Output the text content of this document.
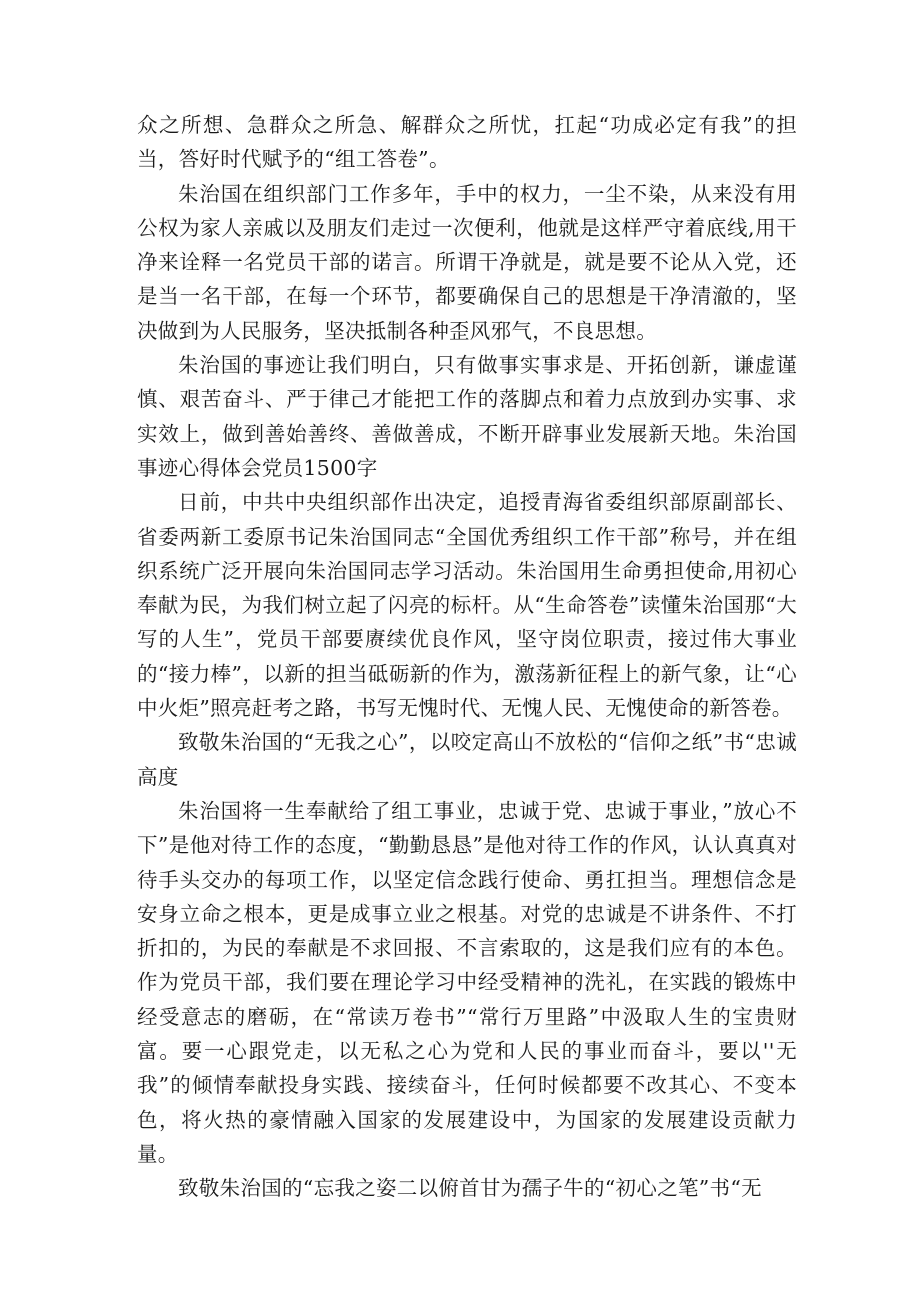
众之所想、急群众之所急、解群众之所忧，扛起“功成必定有我”的担当，答好时代赋予的“组工答卷”。

朱治国在组织部门工作多年，手中的权力，一尘不染，从来没有用公权为家人亲戚以及朋友们走过一次便利，他就是这样严守着底线,用干净来诠释一名党员干部的诺言。所谓干净就是，就是要不论从入党，还是当一名干部，在每一个环节，都要确保自己的思想是干净清澈的，坚决做到为人民服务，坚决抵制各种歪风邪气，不良思想。

朱治国的事迹让我们明白，只有做事实事求是、开拓创新，谦虚谨慎、艰苦奋斗、严于律己才能把工作的落脚点和着力点放到办实事、求实效上，做到善始善终、善做善成，不断开辟事业发展新天地。朱治国事迹心得体会党员1500字

日前，中共中央组织部作出决定，追授青海省委组织部原副部长、省委两新工委原书记朱治国同志“全国优秀组织工作干部”称号，并在组织系统广泛开展向朱治国同志学习活动。朱治国用生命勇担使命,用初心奉献为民，为我们树立起了闪亮的标杆。从“生命答卷”读懂朱治国那“大写的人生”，党员干部要赓续优良作风，坚守岗位职责，接过伟大事业的“接力棒”，以新的担当砥砺新的作为，激荡新征程上的新气象，让“心中火炬”照亮赶考之路，书写无愧时代、无愧人民、无愧使命的新答卷。

致敬朱治国的“无我之心”，以咬定高山不放松的“信仰之纸”书“忠诚高度

朱治国将一生奉献给了组工事业，忠诚于党、忠诚于事业，”放心不下”是他对待工作的态度，“勤勤恳恳”是他对待工作的作风，认认真真对待手头交办的每项工作，以坚定信念践行使命、勇扛担当。理想信念是安身立命之根本，更是成事立业之根基。对党的忠诚是不讲条件、不打折扣的，为民的奉献是不求回报、不言索取的，这是我们应有的本色。作为党员干部，我们要在理论学习中经受精神的洗礼，在实践的锻炼中经受意志的磨砺，在“常读万卷书”“常行万里路”中汲取人生的宝贵财富。要一心跟党走，以无私之心为党和人民的事业而奋斗，要以''无我”的倾情奉献投身实践、接续奋斗，任何时候都要不改其心、不变本色，将火热的豪情融入国家的发展建设中，为国家的发展建设贡献力量。

致敬朱治国的“忘我之姿二以俯首甘为孺子牛的“初心之笔”书“无
